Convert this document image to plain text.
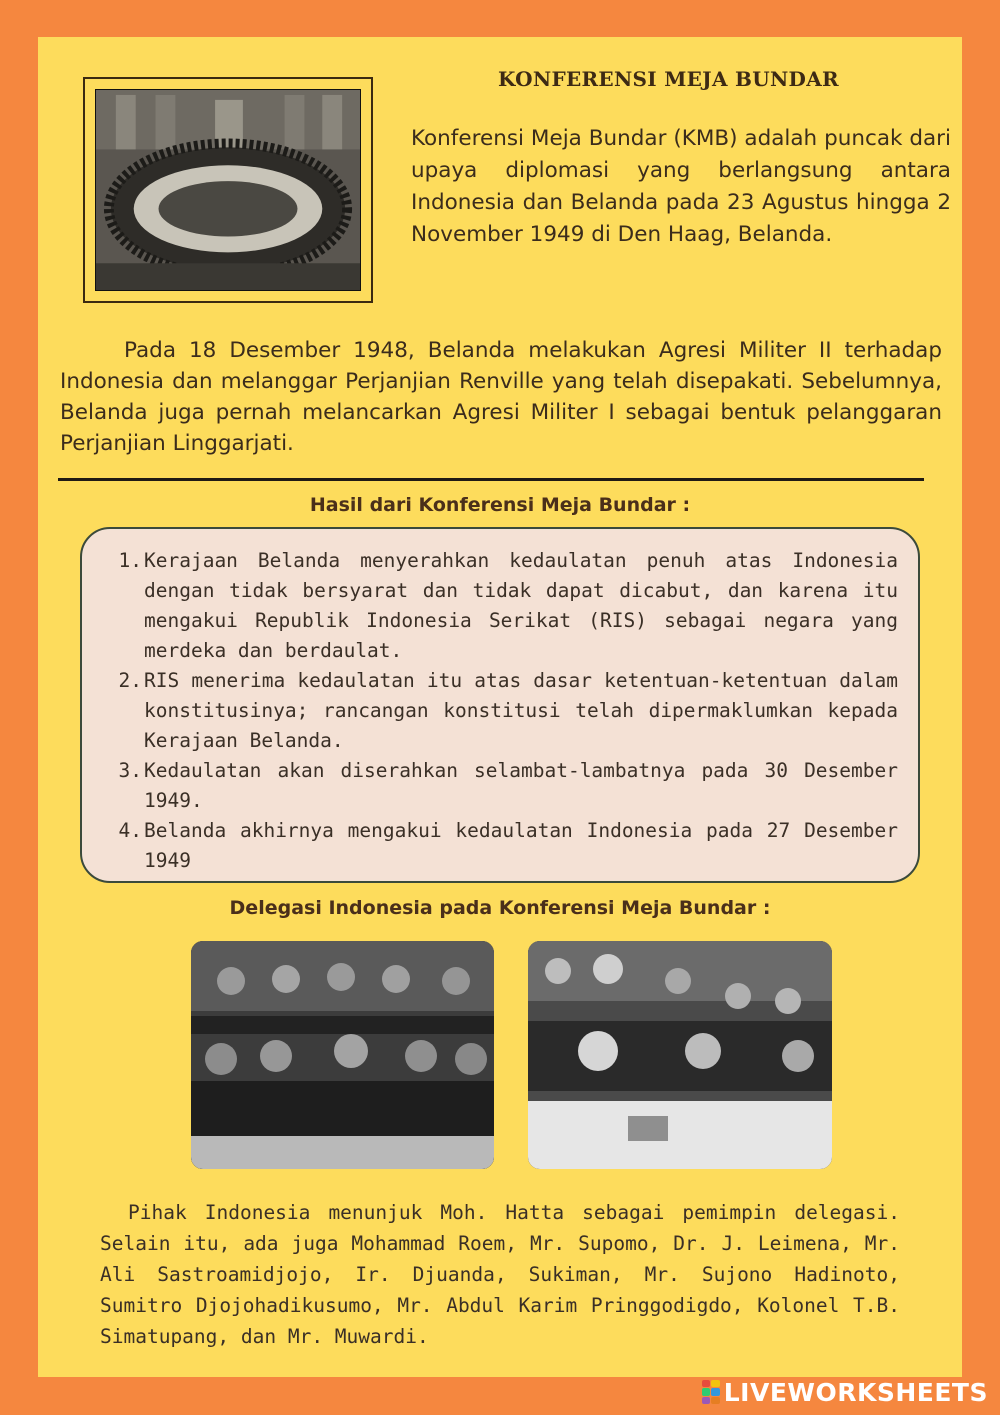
KONFERENSI MEJA BUNDAR
Konferensi Meja Bundar (KMB) adalah puncak dari upaya diplomasi yang berlangsung antara Indonesia dan Belanda pada 23 Agustus hingga 2 November 1949 di Den Haag, Belanda.
Pada 18 Desember 1948, Belanda melakukan Agresi Militer II terhadap Indonesia dan melanggar Perjanjian Renville yang telah disepakati. Sebelumnya, Belanda juga pernah melancarkan Agresi Militer I sebagai bentuk pelanggaran Perjanjian Linggarjati.
Hasil dari Konferensi Meja Bundar :
1. Kerajaan Belanda menyerahkan kedaulatan penuh atas Indonesia dengan tidak bersyarat dan tidak dapat dicabut, dan karena itu mengakui Republik Indonesia Serikat (RIS) sebagai negara yang merdeka dan berdaulat.
2. RIS menerima kedaulatan itu atas dasar ketentuan-ketentuan dalam konstitusinya; rancangan konstitusi telah dipermaklumkan kepada Kerajaan Belanda.
3. Kedaulatan akan diserahkan selambat-lambatnya pada 30 Desember 1949.
4. Belanda akhirnya mengakui kedaulatan Indonesia pada 27 Desember 1949
Delegasi Indonesia pada Konferensi Meja Bundar :
Pihak Indonesia menunjuk Moh. Hatta sebagai pemimpin delegasi. Selain itu, ada juga Mohammad Roem, Mr. Supomo, Dr. J. Leimena, Mr. Ali Sastroamidjojo, Ir. Djuanda, Sukiman, Mr. Sujono Hadinoto, Sumitro Djojohadikusumo, Mr. Abdul Karim Pringgodigdo, Kolonel T.B. Simatupang, dan Mr. Muwardi.
LIVEWORKSHEETS
